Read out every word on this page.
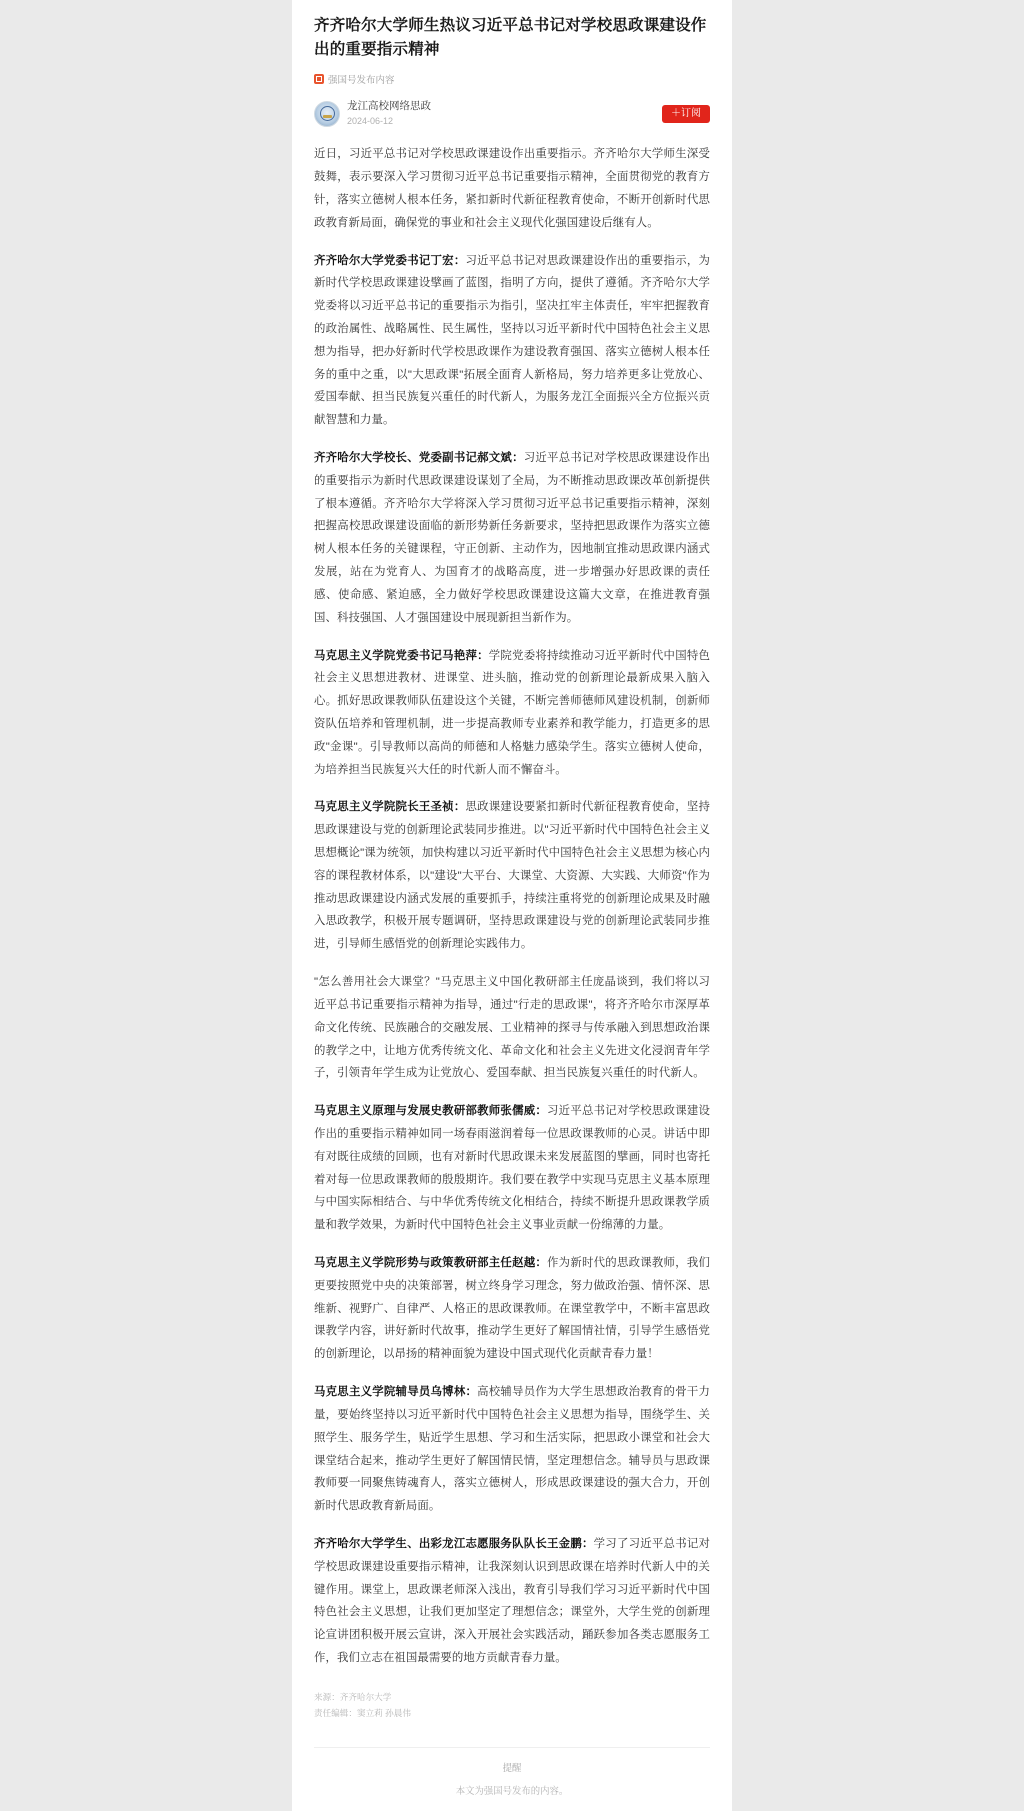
齐齐哈尔大学师生热议习近平总书记对学校思政课建设作出的重要指示精神
强国号发布内容
龙江高校网络思政
2024-06-12
＋订阅

近日，习近平总书记对学校思政课建设作出重要指示。齐齐哈尔大学师生深受鼓舞，表示要深入学习贯彻习近平总书记重要指示精神，全面贯彻党的教育方针，落实立德树人根本任务，紧扣新时代新征程教育使命，不断开创新时代思政教育新局面，确保党的事业和社会主义现代化强国建设后继有人。

齐齐哈尔大学党委书记丁宏：习近平总书记对思政课建设作出的重要指示，为新时代学校思政课建设擘画了蓝图，指明了方向，提供了遵循。齐齐哈尔大学党委将以习近平总书记的重要指示为指引，坚决扛牢主体责任，牢牢把握教育的政治属性、战略属性、民生属性，坚持以习近平新时代中国特色社会主义思想为指导，把办好新时代学校思政课作为建设教育强国、落实立德树人根本任务的重中之重，以"大思政课"拓展全面育人新格局，努力培养更多让党放心、爱国奉献、担当民族复兴重任的时代新人，为服务龙江全面振兴全方位振兴贡献智慧和力量。

齐齐哈尔大学校长、党委副书记郝文斌：习近平总书记对学校思政课建设作出的重要指示为新时代思政课建设谋划了全局，为不断推动思政课改革创新提供了根本遵循。齐齐哈尔大学将深入学习贯彻习近平总书记重要指示精神，深刻把握高校思政课建设面临的新形势新任务新要求，坚持把思政课作为落实立德树人根本任务的关键课程，守正创新、主动作为，因地制宜推动思政课内涵式发展，站在为党育人、为国育才的战略高度，进一步增强办好思政课的责任感、使命感、紧迫感，全力做好学校思政课建设这篇大文章，在推进教育强国、科技强国、人才强国建设中展现新担当新作为。

马克思主义学院党委书记马艳萍：学院党委将持续推动习近平新时代中国特色社会主义思想进教材、进课堂、进头脑，推动党的创新理论最新成果入脑入心。抓好思政课教师队伍建设这个关键，不断完善师德师风建设机制，创新师资队伍培养和管理机制，进一步提高教师专业素养和教学能力，打造更多的思政"金课"。引导教师以高尚的师德和人格魅力感染学生。落实立德树人使命，为培养担当民族复兴大任的时代新人而不懈奋斗。

马克思主义学院院长王圣祯：思政课建设要紧扣新时代新征程教育使命，坚持思政课建设与党的创新理论武装同步推进。以"习近平新时代中国特色社会主义思想概论"课为统领，加快构建以习近平新时代中国特色社会主义思想为核心内容的课程教材体系，以"建设"大平台、大课堂、大资源、大实践、大师资"作为推动思政课建设内涵式发展的重要抓手，持续注重将党的创新理论成果及时融入思政教学，积极开展专题调研，坚持思政课建设与党的创新理论武装同步推进，引导师生感悟党的创新理论实践伟力。

"怎么善用社会大课堂？"马克思主义中国化教研部主任庞晶谈到，我们将以习近平总书记重要指示精神为指导，通过"行走的思政课"，将齐齐哈尔市深厚革命文化传统、民族融合的交融发展、工业精神的探寻与传承融入到思想政治课的教学之中，让地方优秀传统文化、革命文化和社会主义先进文化浸润青年学子，引领青年学生成为让党放心、爱国奉献、担当民族复兴重任的时代新人。

马克思主义原理与发展史教研部教师张儒威：习近平总书记对学校思政课建设作出的重要指示精神如同一场春雨滋润着每一位思政课教师的心灵。讲话中即有对既往成绩的回顾，也有对新时代思政课未来发展蓝图的擘画，同时也寄托着对每一位思政课教师的殷殷期许。我们要在教学中实现马克思主义基本原理与中国实际相结合、与中华优秀传统文化相结合，持续不断提升思政课教学质量和教学效果，为新时代中国特色社会主义事业贡献一份绵薄的力量。

马克思主义学院形势与政策教研部主任赵越：作为新时代的思政课教师，我们更要按照党中央的决策部署，树立终身学习理念，努力做政治强、情怀深、思维新、视野广、自律严、人格正的思政课教师。在课堂教学中，不断丰富思政课教学内容，讲好新时代故事，推动学生更好了解国情社情，引导学生感悟党的创新理论，以昂扬的精神面貌为建设中国式现代化贡献青春力量！

马克思主义学院辅导员乌博林：高校辅导员作为大学生思想政治教育的骨干力量，要始终坚持以习近平新时代中国特色社会主义思想为指导，围绕学生、关照学生、服务学生，贴近学生思想、学习和生活实际，把思政小课堂和社会大课堂结合起来，推动学生更好了解国情民情，坚定理想信念。辅导员与思政课教师要一同聚焦铸魂育人，落实立德树人，形成思政课建设的强大合力，开创新时代思政教育新局面。

齐齐哈尔大学学生、出彩龙江志愿服务队队长王金鹏：学习了习近平总书记对学校思政课建设重要指示精神，让我深刻认识到思政课在培养时代新人中的关键作用。课堂上，思政课老师深入浅出，教育引导我们学习习近平新时代中国特色社会主义思想，让我们更加坚定了理想信念；课堂外，大学生党的创新理论宣讲团积极开展云宣讲，深入开展社会实践活动，踊跃参加各类志愿服务工作，我们立志在祖国最需要的地方贡献青春力量。

来源：齐齐哈尔大学
责任编辑：窦立莉 孙晨伟
提醒
本文为强国号发布的内容。
